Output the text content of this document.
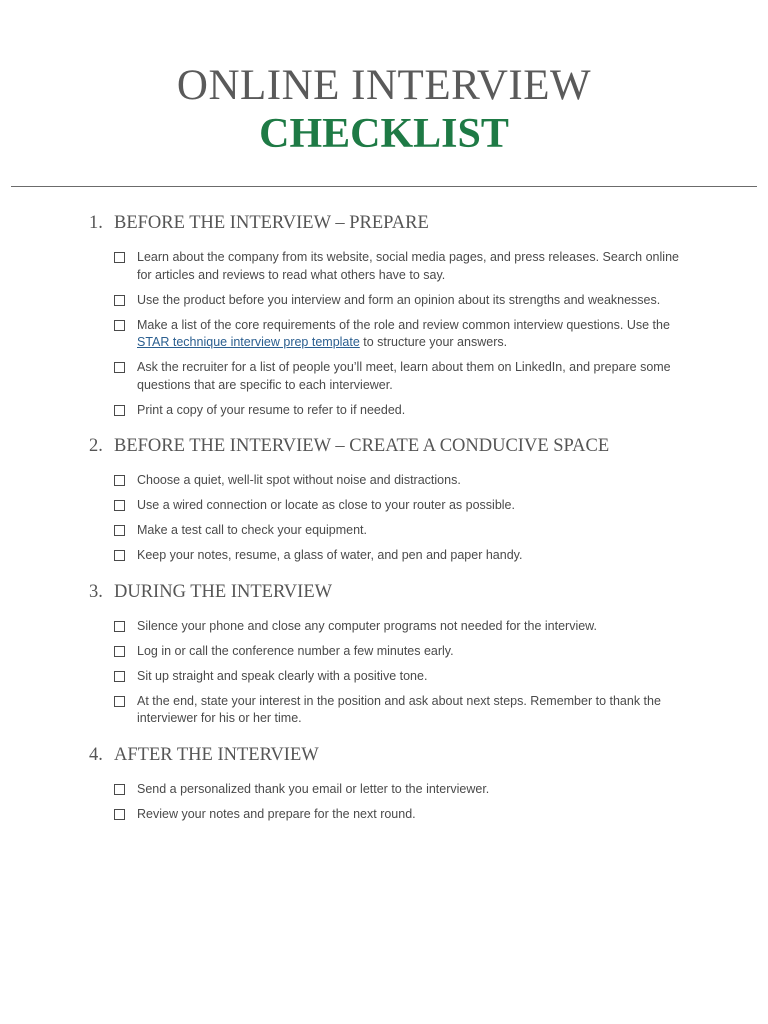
ONLINE INTERVIEW
CHECKLIST
1. BEFORE THE INTERVIEW – PREPARE
Learn about the company from its website, social media pages, and press releases. Search online for articles and reviews to read what others have to say.
Use the product before you interview and form an opinion about its strengths and weaknesses.
Make a list of the core requirements of the role and review common interview questions. Use the STAR technique interview prep template to structure your answers.
Ask the recruiter for a list of people you’ll meet, learn about them on LinkedIn, and prepare some questions that are specific to each interviewer.
Print a copy of your resume to refer to if needed.
2. BEFORE THE INTERVIEW – CREATE A CONDUCIVE SPACE
Choose a quiet, well-lit spot without noise and distractions.
Use a wired connection or locate as close to your router as possible.
Make a test call to check your equipment.
Keep your notes, resume, a glass of water, and pen and paper handy.
3. DURING THE INTERVIEW
Silence your phone and close any computer programs not needed for the interview.
Log in or call the conference number a few minutes early.
Sit up straight and speak clearly with a positive tone.
At the end, state your interest in the position and ask about next steps. Remember to thank the interviewer for his or her time.
4. AFTER THE INTERVIEW
Send a personalized thank you email or letter to the interviewer.
Review your notes and prepare for the next round.
